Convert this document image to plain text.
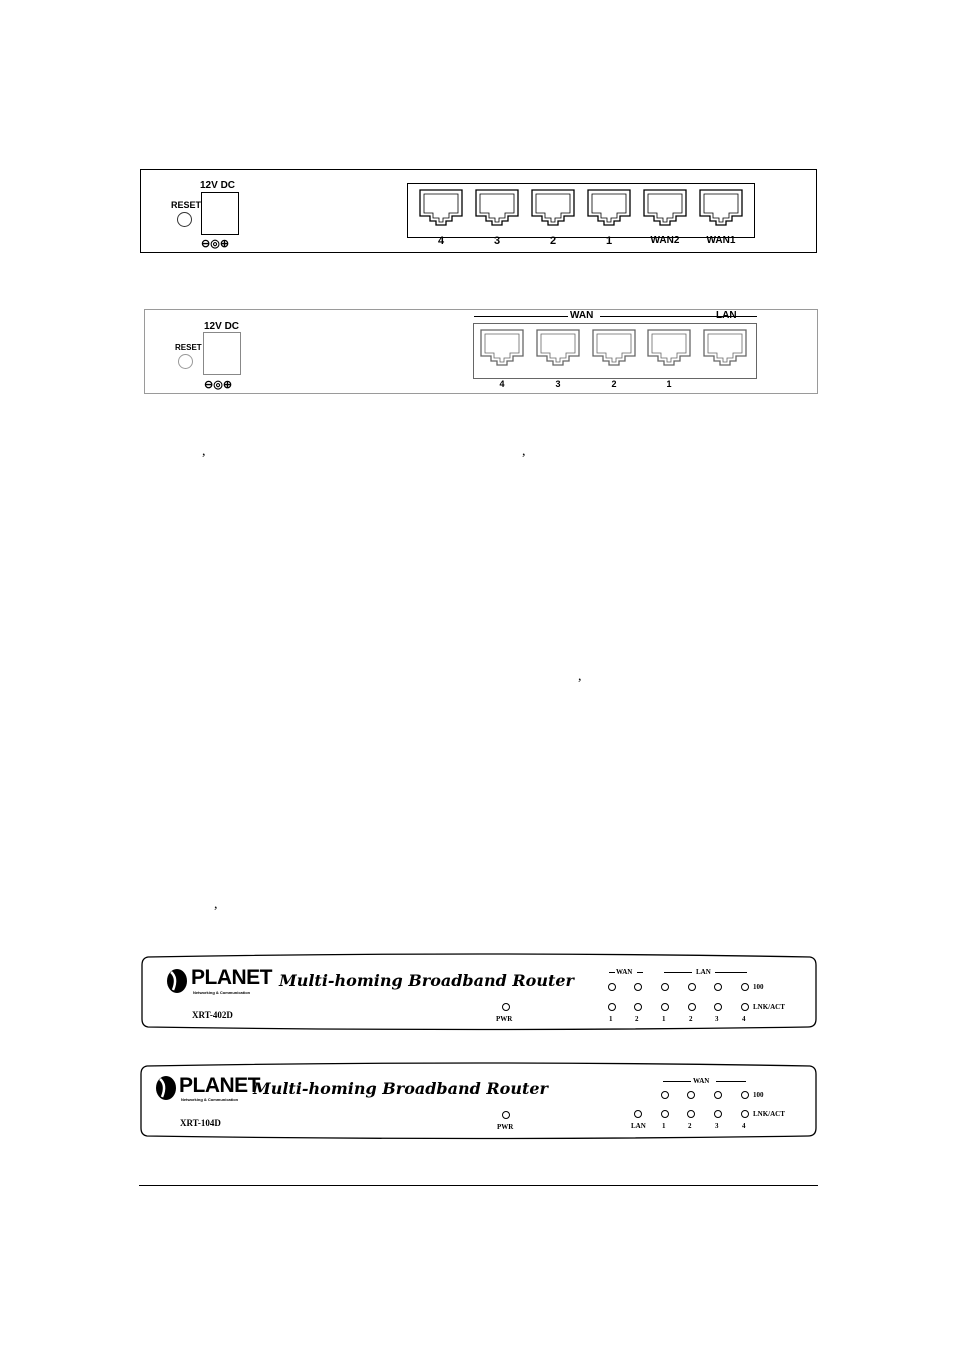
12V DC
RESET
⊖◎⊕	4	3	2	1	WAN2	WAN1
12V DC
RESET
⊖◎⊕
WAN
4	3	2	1
,	,
,
,
PLANET
Networking & Communication
Multi-homing Broadband Router
XRT-402D	PWR
WAN	LAN
100
LNK/ACT
1	2	1	2	3	4
PLANET
Networking & Communication
Multi-homing Broadband Router
XRT-104D	PWR
WAN
100
LNK/ACT
LAN 1	2	3	4
